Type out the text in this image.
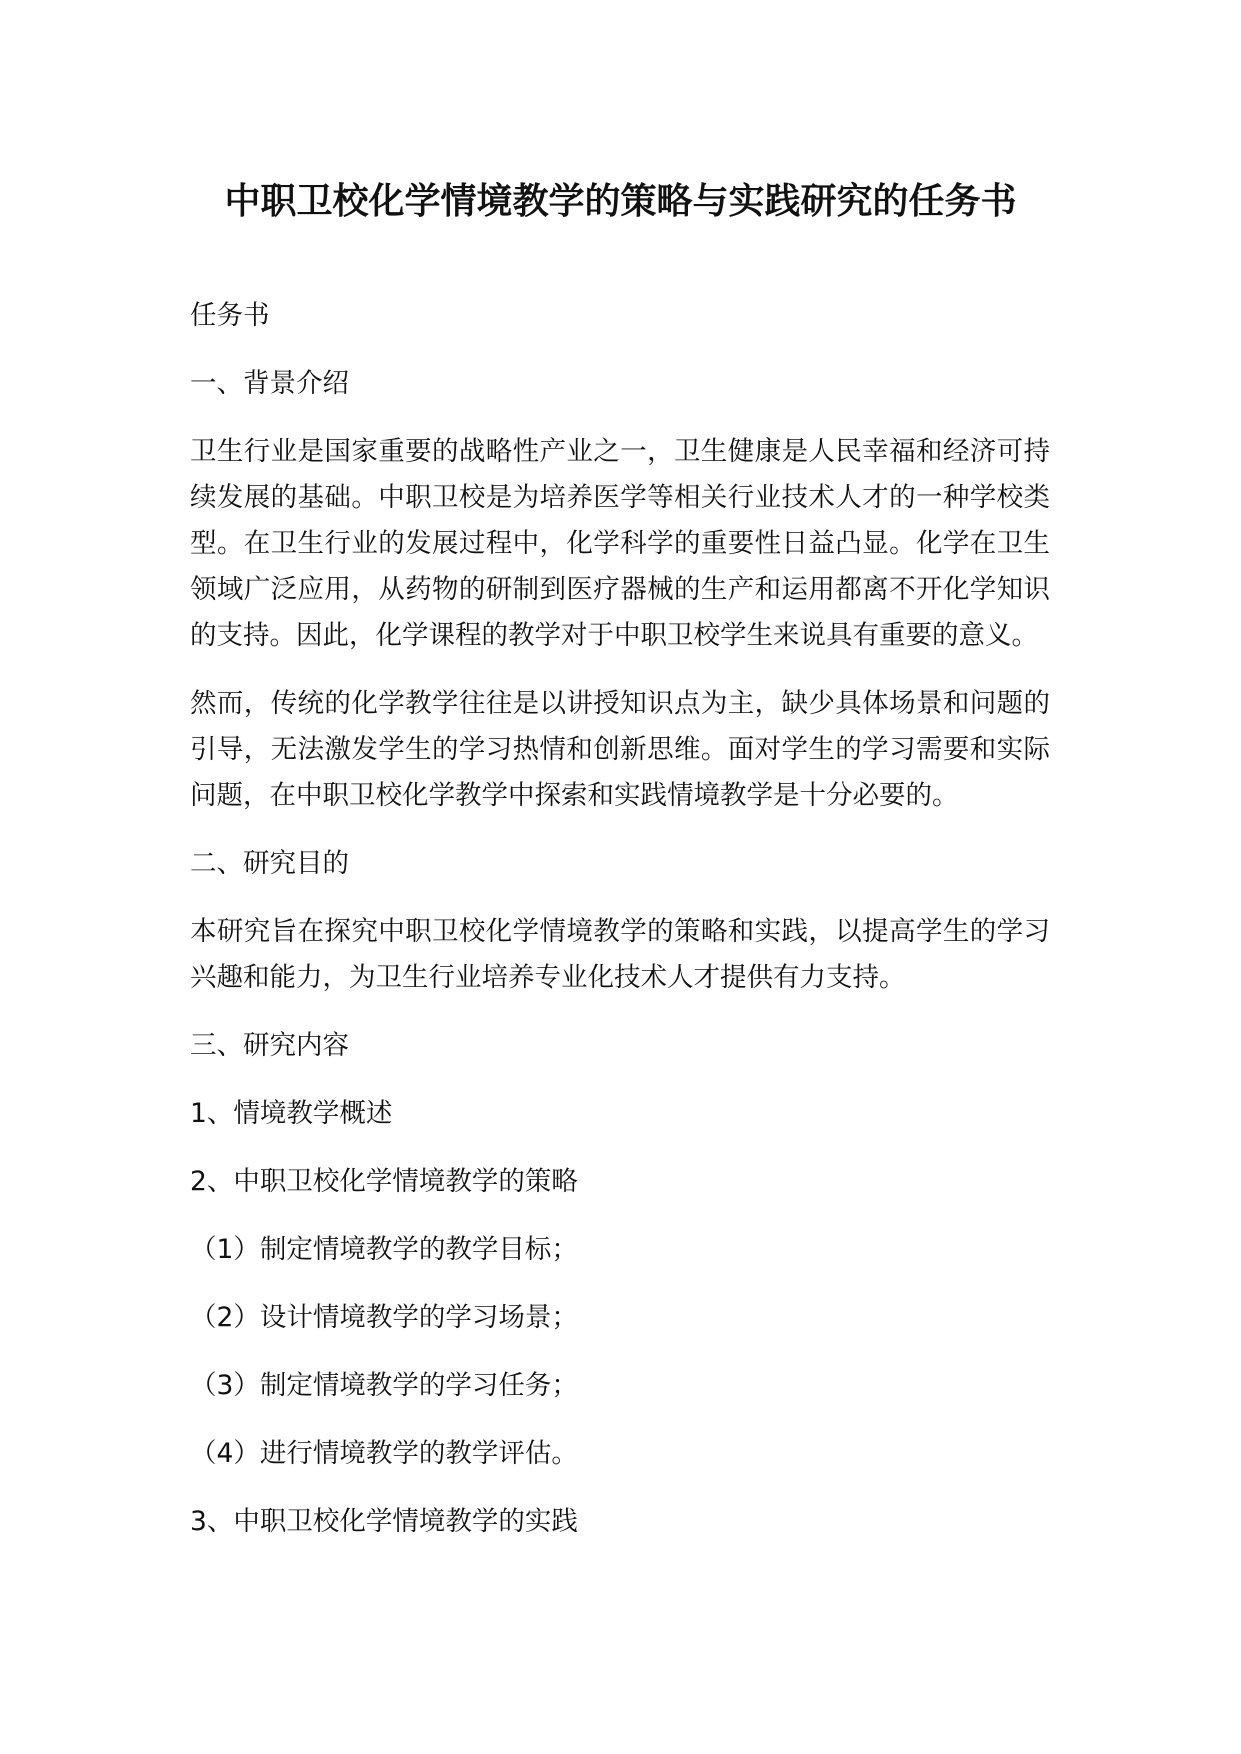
中职卫校化学情境教学的策略与实践研究的任务书

任务书

一、背景介绍

卫生行业是国家重要的战略性产业之一，卫生健康是人民幸福和经济可持续发展的基础。中职卫校是为培养医学等相关行业技术人才的一种学校类型。在卫生行业的发展过程中，化学科学的重要性日益凸显。化学在卫生领域广泛应用，从药物的研制到医疗器械的生产和运用都离不开化学知识的支持。因此，化学课程的教学对于中职卫校学生来说具有重要的意义。

然而，传统的化学教学往往是以讲授知识点为主，缺少具体场景和问题的引导，无法激发学生的学习热情和创新思维。面对学生的学习需要和实际问题，在中职卫校化学教学中探索和实践情境教学是十分必要的。

二、研究目的

本研究旨在探究中职卫校化学情境教学的策略和实践，以提高学生的学习兴趣和能力，为卫生行业培养专业化技术人才提供有力支持。

三、研究内容

1、情境教学概述

2、中职卫校化学情境教学的策略

（1）制定情境教学的教学目标；

（2）设计情境教学的学习场景；

（3）制定情境教学的学习任务；

（4）进行情境教学的教学评估。

3、中职卫校化学情境教学的实践
